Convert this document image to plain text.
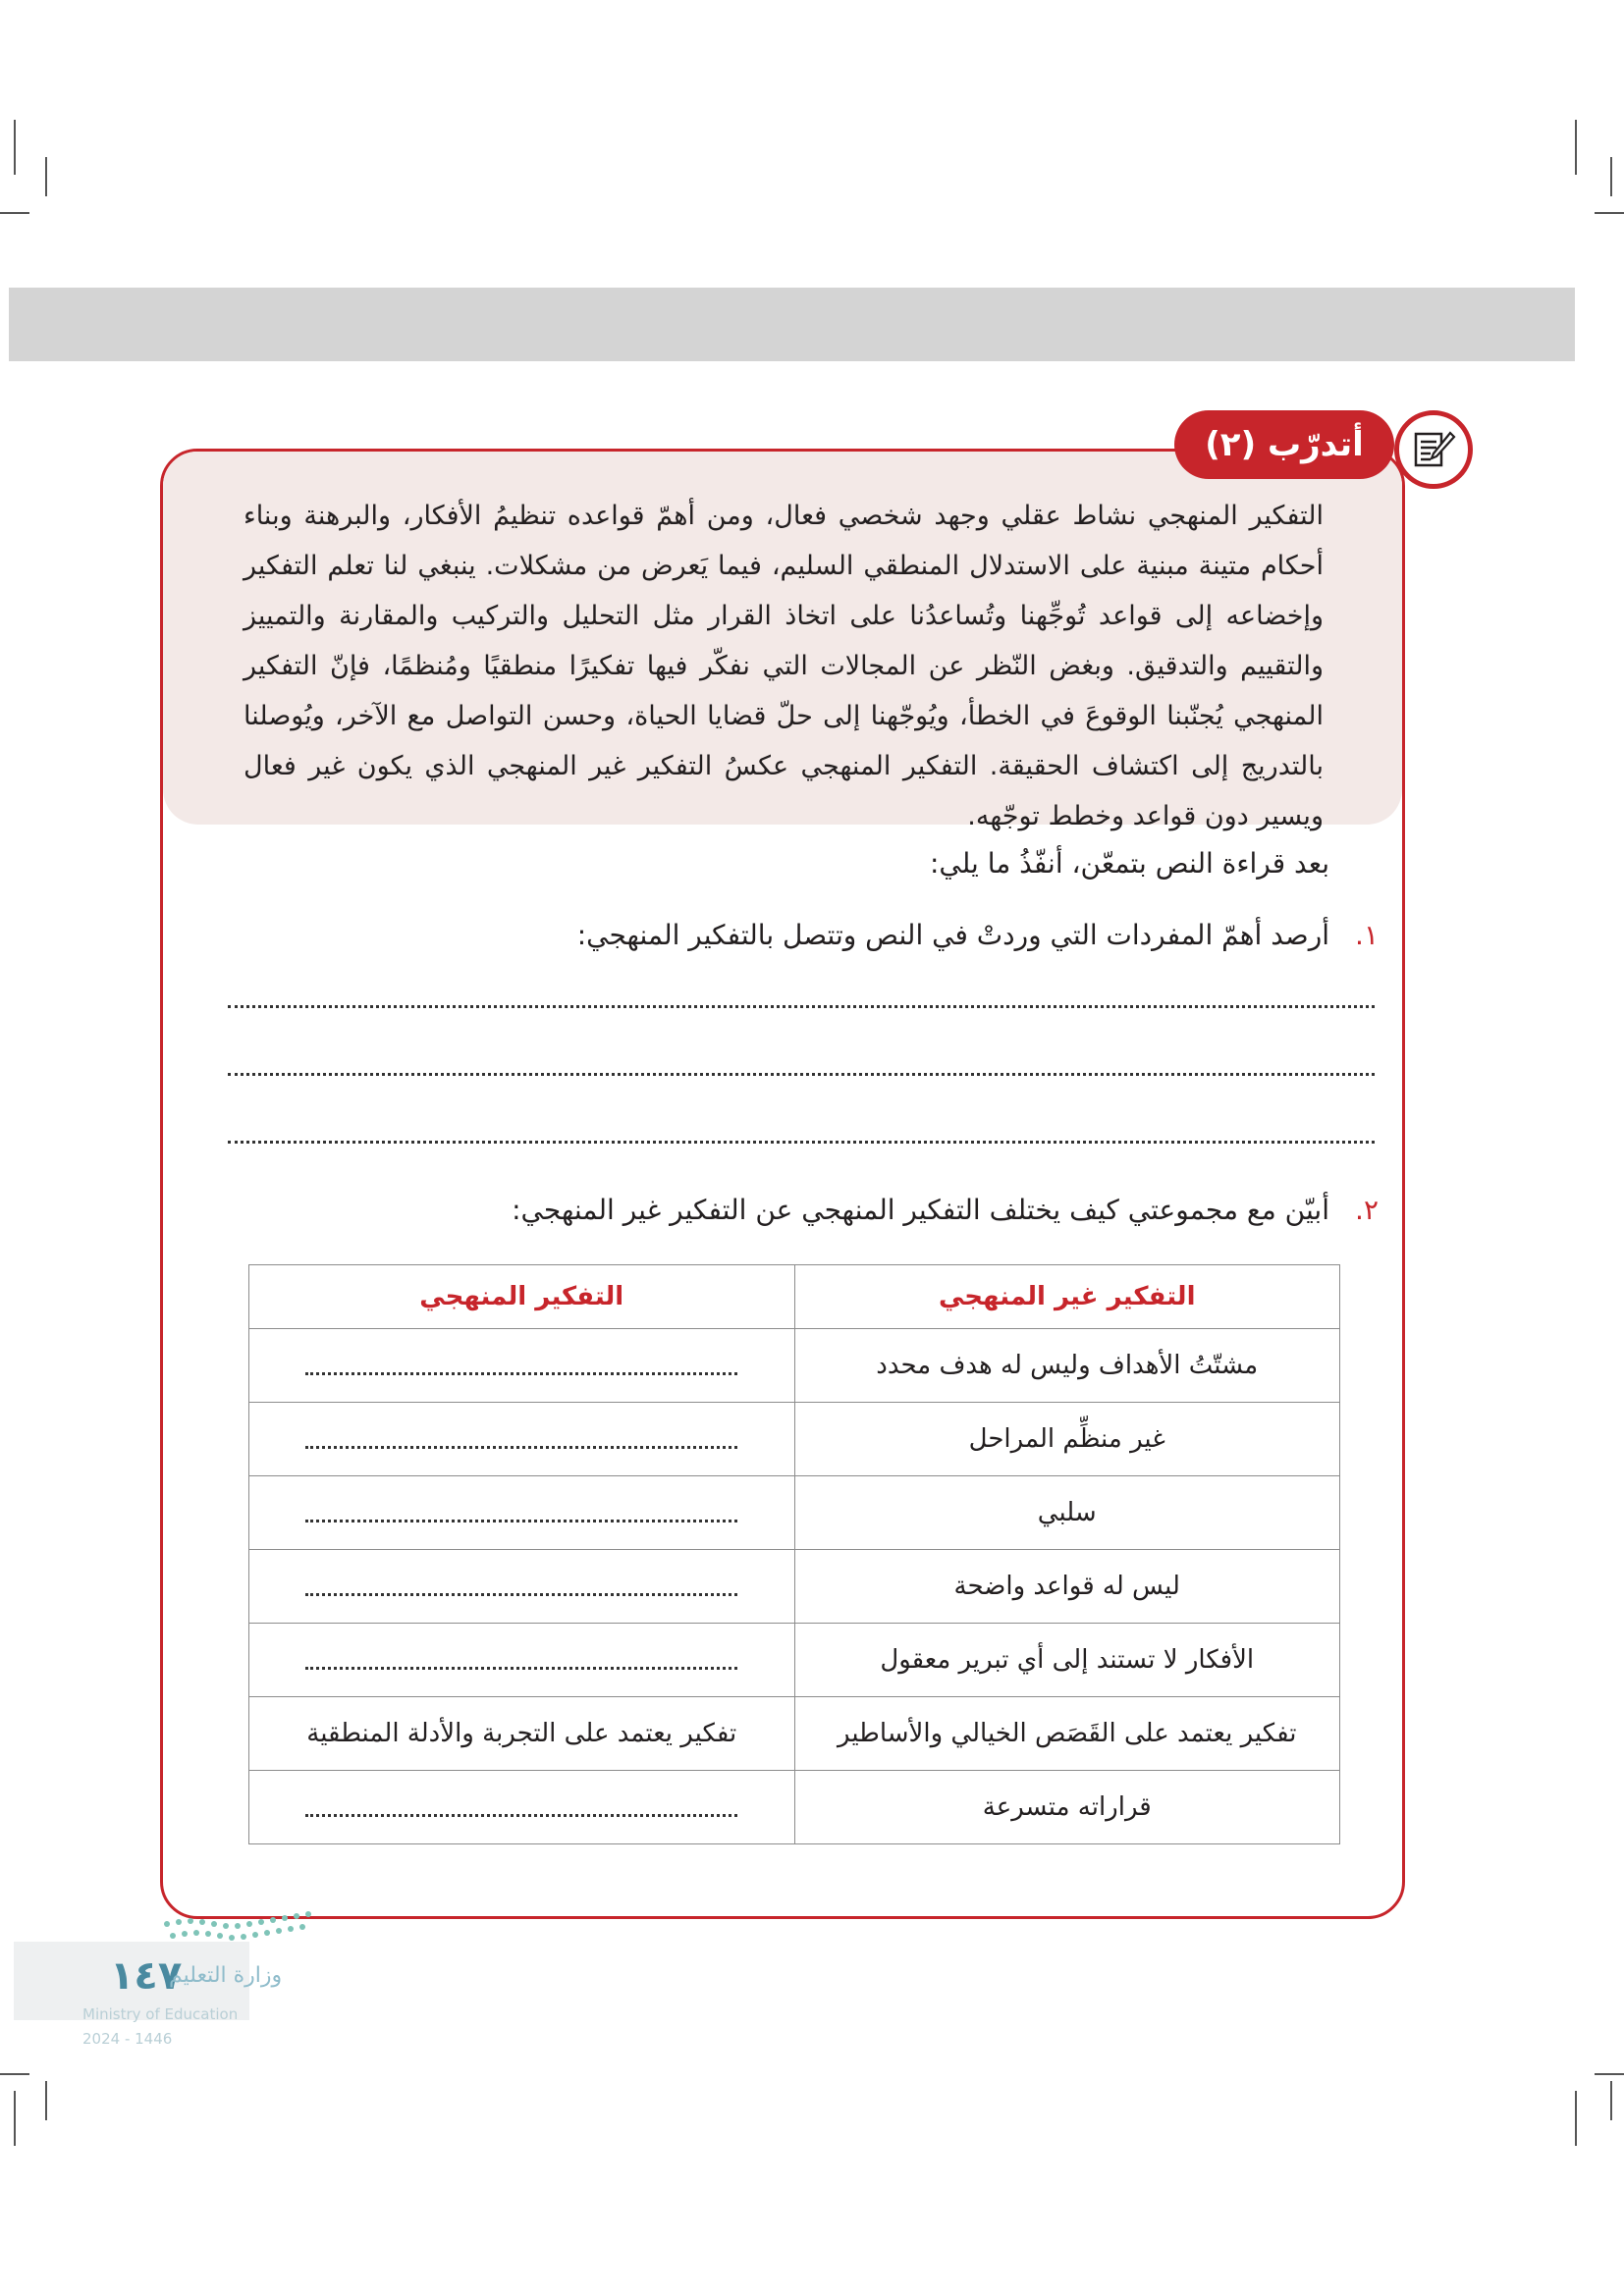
التفكير المنهجي نشاط عقلي وجهد شخصي فعال، ومن أهمّ قواعده تنظيمُ الأفكار، والبرهنة وبناء أحكام متينة مبنية على الاستدلال المنطقي السليم، فيما يَعرض من مشكلات. ينبغي لنا تعلم التفكير وإخضاعه إلى قواعد تُوجِّهنا وتُساعدُنا على اتخاذ القرار مثل التحليل والتركيب والمقارنة والتمييز والتقييم والتدقيق. وبغض النّظر عن المجالات التي نفكّر فيها تفكيرًا منطقيًا ومُنظمًا، فإنّ التفكير المنهجي يُجنّبنا الوقوعَ في الخطأ، ويُوجّهنا إلى حلّ قضايا الحياة، وحسن التواصل مع الآخر، ويُوصلنا بالتدريج إلى اكتشاف الحقيقة. التفكير المنهجي عكسُ التفكير غير المنهجي الذي يكون غير فعال ويسير دون قواعد وخطط توجّهه.

أتدرّب (٢)
بعد قراءة النص بتمعّن، أنفّذُ ما يلي:
١.
أرصد أهمّ المفردات التي وردتْ في النص وتتصل بالتفكير المنهجي:
٢.
أبيّن مع مجموعتي كيف يختلف التفكير المنهجي عن التفكير غير المنهجي:
التفكير غير المنهجي	التفكير المنهجي
مشتّتُ الأهداف وليس له هدف محدد	
غير منظِّم المراحل	
سلبي	
ليس له قواعد واضحة	
الأفكار لا تستند إلى أي تبرير معقول	
تفكير يعتمد على القَصَص الخيالي والأساطير	تفكير يعتمد على التجربة والأدلة المنطقية
قراراته متسرعة	
١٤٧
وزارة التعليم
Ministry of Education
2024 - 1446
